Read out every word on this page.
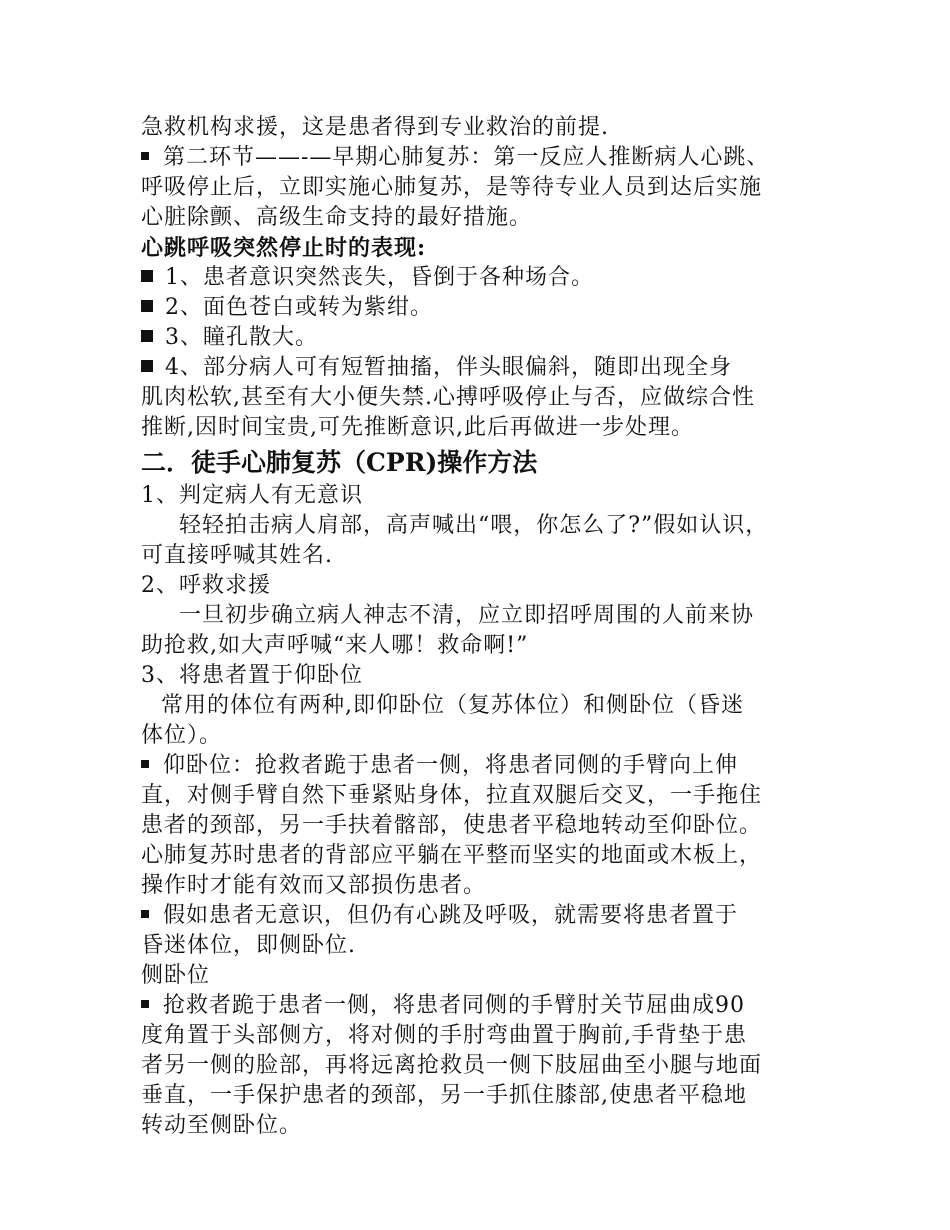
急救机构求援，这是患者得到专业救治的前提.
第二环节——-—早期心肺复苏：第一反应人推断病人心跳、
呼吸停止后，立即实施心肺复苏，是等待专业人员到达后实施
心脏除颤、高级生命支持的最好措施。
心跳呼吸突然停止时的表现:
1、患者意识突然丧失，昏倒于各种场合。
2、面色苍白或转为紫绀。
3、瞳孔散大。
4、部分病人可有短暂抽搐，伴头眼偏斜，随即出现全身
肌肉松软,甚至有大小便失禁.心搏呼吸停止与否，应做综合性
推断,因时间宝贵,可先推断意识,此后再做进一步处理。
二．徒手心肺复苏（CPR)操作方法
1、判定病人有无意识
轻轻拍击病人肩部，高声喊出“喂，你怎么了?”假如认识，
可直接呼喊其姓名.
2、呼救求援
一旦初步确立病人神志不清，应立即招呼周围的人前来协
助抢救,如大声呼喊“来人哪！救命啊!”
3、将患者置于仰卧位
常用的体位有两种,即仰卧位（复苏体位）和侧卧位（昏迷
体位）。
仰卧位：抢救者跪于患者一侧，将患者同侧的手臂向上伸
直，对侧手臂自然下垂紧贴身体，拉直双腿后交叉，一手拖住
患者的颈部，另一手扶着髂部，使患者平稳地转动至仰卧位。
心肺复苏时患者的背部应平躺在平整而坚实的地面或木板上，
操作时才能有效而又部损伤患者。
假如患者无意识，但仍有心跳及呼吸，就需要将患者置于
昏迷体位，即侧卧位.
侧卧位
抢救者跪于患者一侧，将患者同侧的手臂肘关节屈曲成90
度角置于头部侧方，将对侧的手肘弯曲置于胸前,手背垫于患
者另一侧的脸部，再将远离抢救员一侧下肢屈曲至小腿与地面
垂直，一手保护患者的颈部，另一手抓住膝部,使患者平稳地
转动至侧卧位。
